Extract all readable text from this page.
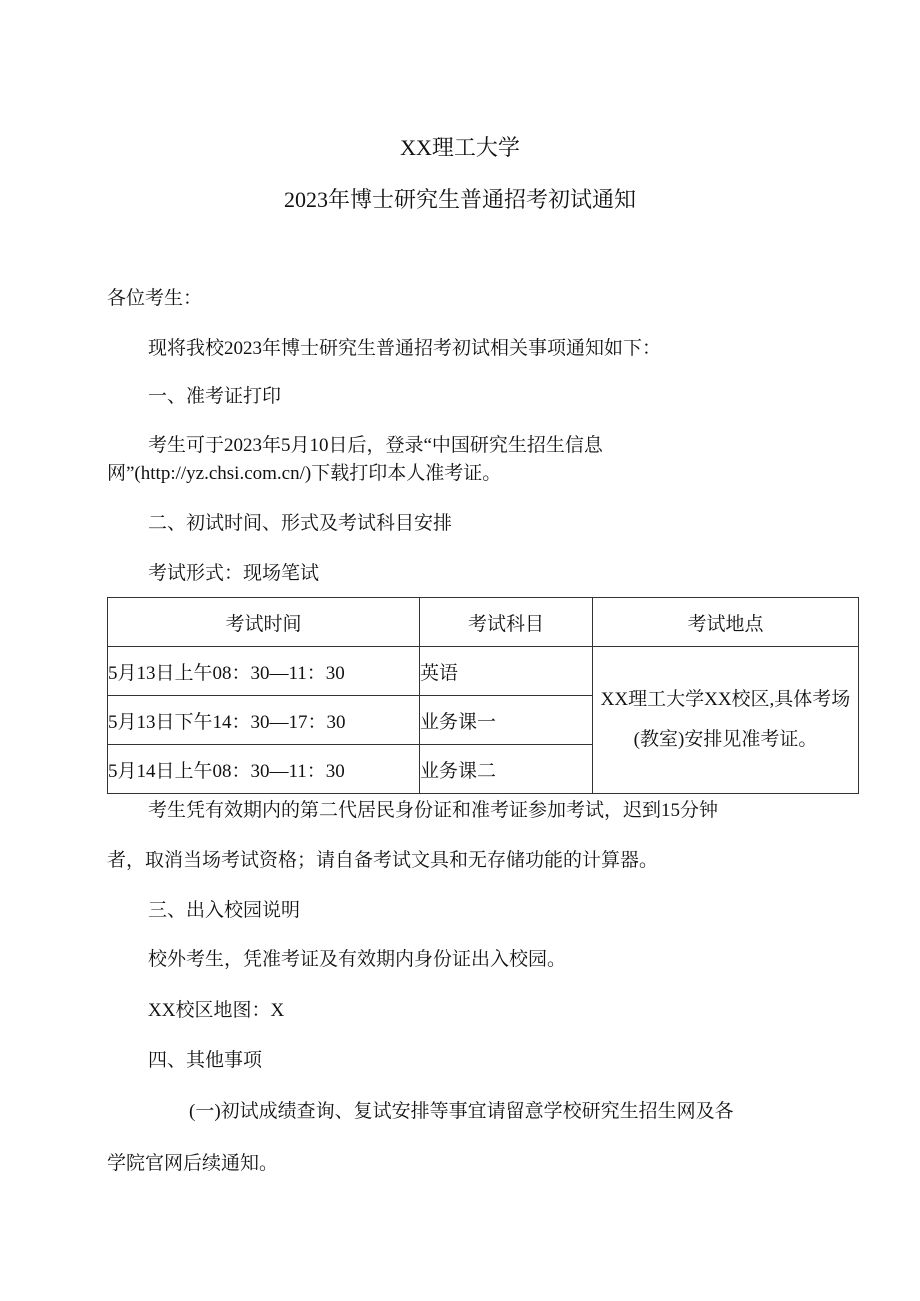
XX理工大学
2023年博士研究生普通招考初试通知
各位考生：
现将我校2023年博士研究生普通招考初试相关事项通知如下：
一、准考证打印
考生可于2023年5月10日后，登录“中国研究生招生信息
网”(http://yz.chsi.com.cn/)下载打印本人准考证。
二、初试时间、形式及考试科目安排
考试形式：现场笔试
考试时间	考试科目	考试地点
5月13日上午08：30—11：30	英语	XX理工大学XX校区,具体考场(教室)安排见准考证。
5月13日下午14：30—17：30	业务课一	
5月14日上午08：30—11：30	业务课二	
考生凭有效期内的第二代居民身份证和准考证参加考试，迟到15分钟
者，取消当场考试资格；请自备考试文具和无存储功能的计算器。
三、出入校园说明
校外考生，凭准考证及有效期内身份证出入校园。
XX校区地图：X
四、其他事项
(一)初试成绩查询、复试安排等事宜请留意学校研究生招生网及各
学院官网后续通知。
